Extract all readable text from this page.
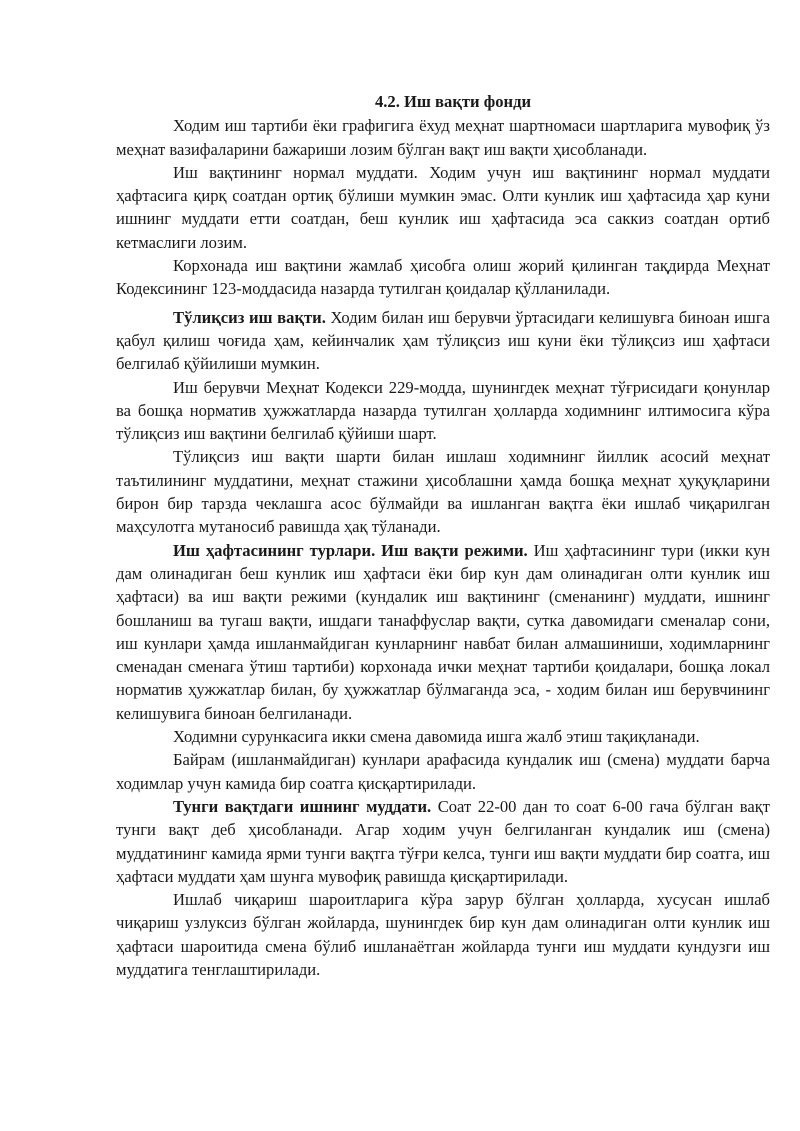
4.2. Иш вақти фонди

Ходим иш тартиби ёки графигига ёхуд меҳнат шартномаси шартларига мувофиқ ўз меҳнат вазифаларини бажариши лозим бўлган вақт иш вақти ҳисобланади.

Иш вақтининг нормал муддати. Ходим учун иш вақтининг нормал муддати ҳафтасига қирқ соатдан ортиқ бўлиши мумкин эмас. Олти кунлик иш ҳафтасида ҳар куни ишнинг муддати етти соатдан, беш кунлик иш ҳафтасида эса саккиз соатдан ортиб кетмаслиги лозим.

Корхонада иш вақтини жамлаб ҳисобга олиш жорий қилинган тақдирда Меҳнат Кодексининг 123-моддасида назарда тутилган қоидалар қўлланилади.

Тўлиқсиз иш вақти. Ходим билан иш берувчи ўртасидаги келишувга биноан ишга қабул қилиш чоғида ҳам, кейинчалик ҳам тўлиқсиз иш куни ёки тўлиқсиз иш ҳафтаси белгилаб қўйилиши мумкин.

Иш берувчи Меҳнат Кодекси 229-модда, шунингдек меҳнат тўғрисидаги қонунлар ва бошқа норматив ҳужжатларда назарда тутилган ҳолларда ходимнинг илтимосига кўра тўлиқсиз иш вақтини белгилаб қўйиши шарт.

Тўлиқсиз иш вақти шарти билан ишлаш ходимнинг йиллик асосий меҳнат таътилининг муддатини, меҳнат стажини ҳисоблашни ҳамда бошқа меҳнат ҳуқуқларини бирон бир тарзда чеклашга асос бўлмайди ва ишланган вақтга ёки ишлаб чиқарилган маҳсулотга мутаносиб равишда ҳақ тўланади.

Иш ҳафтасининг турлари. Иш вақти режими. Иш ҳафтасининг тури (икки кун дам олинадиган беш кунлик иш ҳафтаси ёки бир кун дам олинадиган олти кунлик иш ҳафтаси) ва иш вақти режими (кундалик иш вақтининг (сменанинг) муддати, ишнинг бошланиш ва тугаш вақти, ишдаги танаффуслар вақти, сутка давомидаги сменалар сони, иш кунлари ҳамда ишланмайдиган кунларнинг навбат билан алмашиниши, ходимларнинг сменадан сменага ўтиш тартиби) корхонада ички меҳнат тартиби қоидалари, бошқа локал норматив ҳужжатлар билан, бу ҳужжатлар бўлмаганда эса, - ходим билан иш берувчининг келишувига биноан белгиланади.

Ходимни сурункасига икки смена давомида ишга жалб этиш тақиқланади.

Байрам (ишланмайдиган) кунлари арафасида кундалик иш (смена) муддати барча ходимлар учун камида бир соатга қисқартирилади.

Тунги вақтдаги ишнинг муддати. Соат 22-00 дан то соат 6-00 гача бўлган вақт тунги вақт деб ҳисобланади. Агар ходим учун белгиланган кундалик иш (смена) муддатининг камида ярми тунги вақтга тўғри келса, тунги иш вақти муддати бир соатга, иш ҳафтаси муддати ҳам шунга мувофиқ равишда қисқартирилади.

Ишлаб чиқариш шароитларига кўра зарур бўлган ҳолларда, хусусан ишлаб чиқариш узлуксиз бўлган жойларда, шунингдек бир кун дам олинадиган олти кунлик иш ҳафтаси шароитида смена бўлиб ишланаётган жойларда тунги иш муддати кундузги иш муддатига тенглаштирилади.
